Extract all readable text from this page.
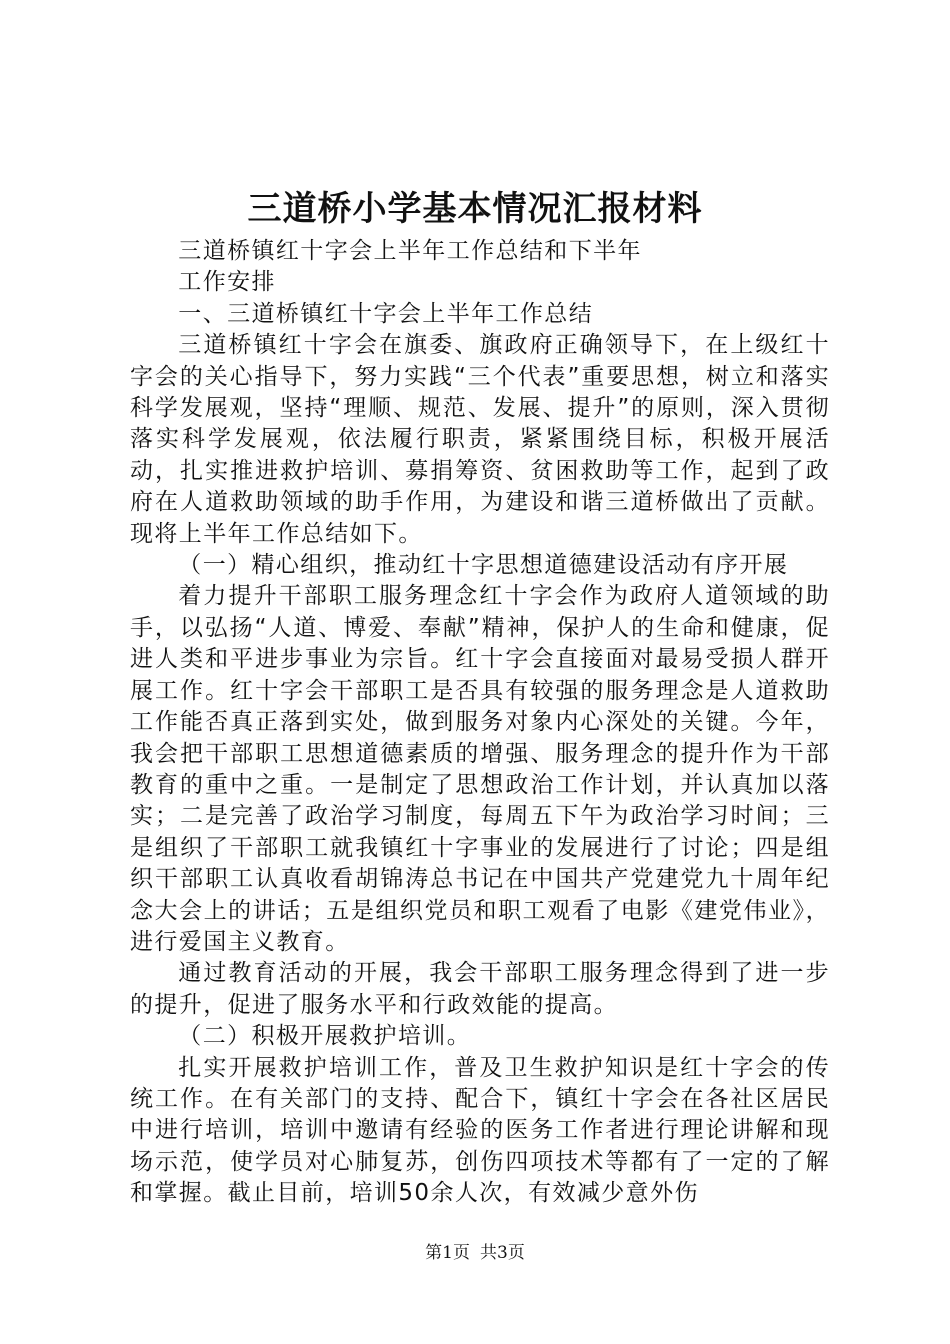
三道桥小学基本情况汇报材料

三道桥镇红十字会上半年工作总结和下半年

工作安排

一、三道桥镇红十字会上半年工作总结

三道桥镇红十字会在旗委、旗政府正确领导下，在上级红十字会的关心指导下，努力实践“三个代表”重要思想，树立和落实科学发展观，坚持“理顺、规范、发展、提升”的原则，深入贯彻落实科学发展观，依法履行职责，紧紧围绕目标，积极开展活动，扎实推进救护培训、募捐筹资、贫困救助等工作，起到了政府在人道救助领域的助手作用，为建设和谐三道桥做出了贡献。现将上半年工作总结如下。

（一）精心组织，推动红十字思想道德建设活动有序开展

着力提升干部职工服务理念红十字会作为政府人道领域的助手，以弘扬“人道、博爱、奉献”精神，保护人的生命和健康，促进人类和平进步事业为宗旨。红十字会直接面对最易受损人群开展工作。红十字会干部职工是否具有较强的服务理念是人道救助工作能否真正落到实处，做到服务对象内心深处的关键。今年，我会把干部职工思想道德素质的增强、服务理念的提升作为干部教育的重中之重。一是制定了思想政治工作计划，并认真加以落实；二是完善了政治学习制度，每周五下午为政治学习时间；三是组织了干部职工就我镇红十字事业的发展进行了讨论；四是组织干部职工认真收看胡锦涛总书记在中国共产党建党九十周年纪念大会上的讲话；五是组织党员和职工观看了电影《建党伟业》，进行爱国主义教育。

通过教育活动的开展，我会干部职工服务理念得到了进一步的提升，促进了服务水平和行政效能的提高。

（二）积极开展救护培训。

扎实开展救护培训工作，普及卫生救护知识是红十字会的传统工作。在有关部门的支持、配合下，镇红十字会在各社区居民中进行培训，培训中邀请有经验的医务工作者进行理论讲解和现场示范，使学员对心肺复苏，创伤四项技术等都有了一定的了解和掌握。截止目前，培训50余人次，有效减少意外伤

第1页 共3页
